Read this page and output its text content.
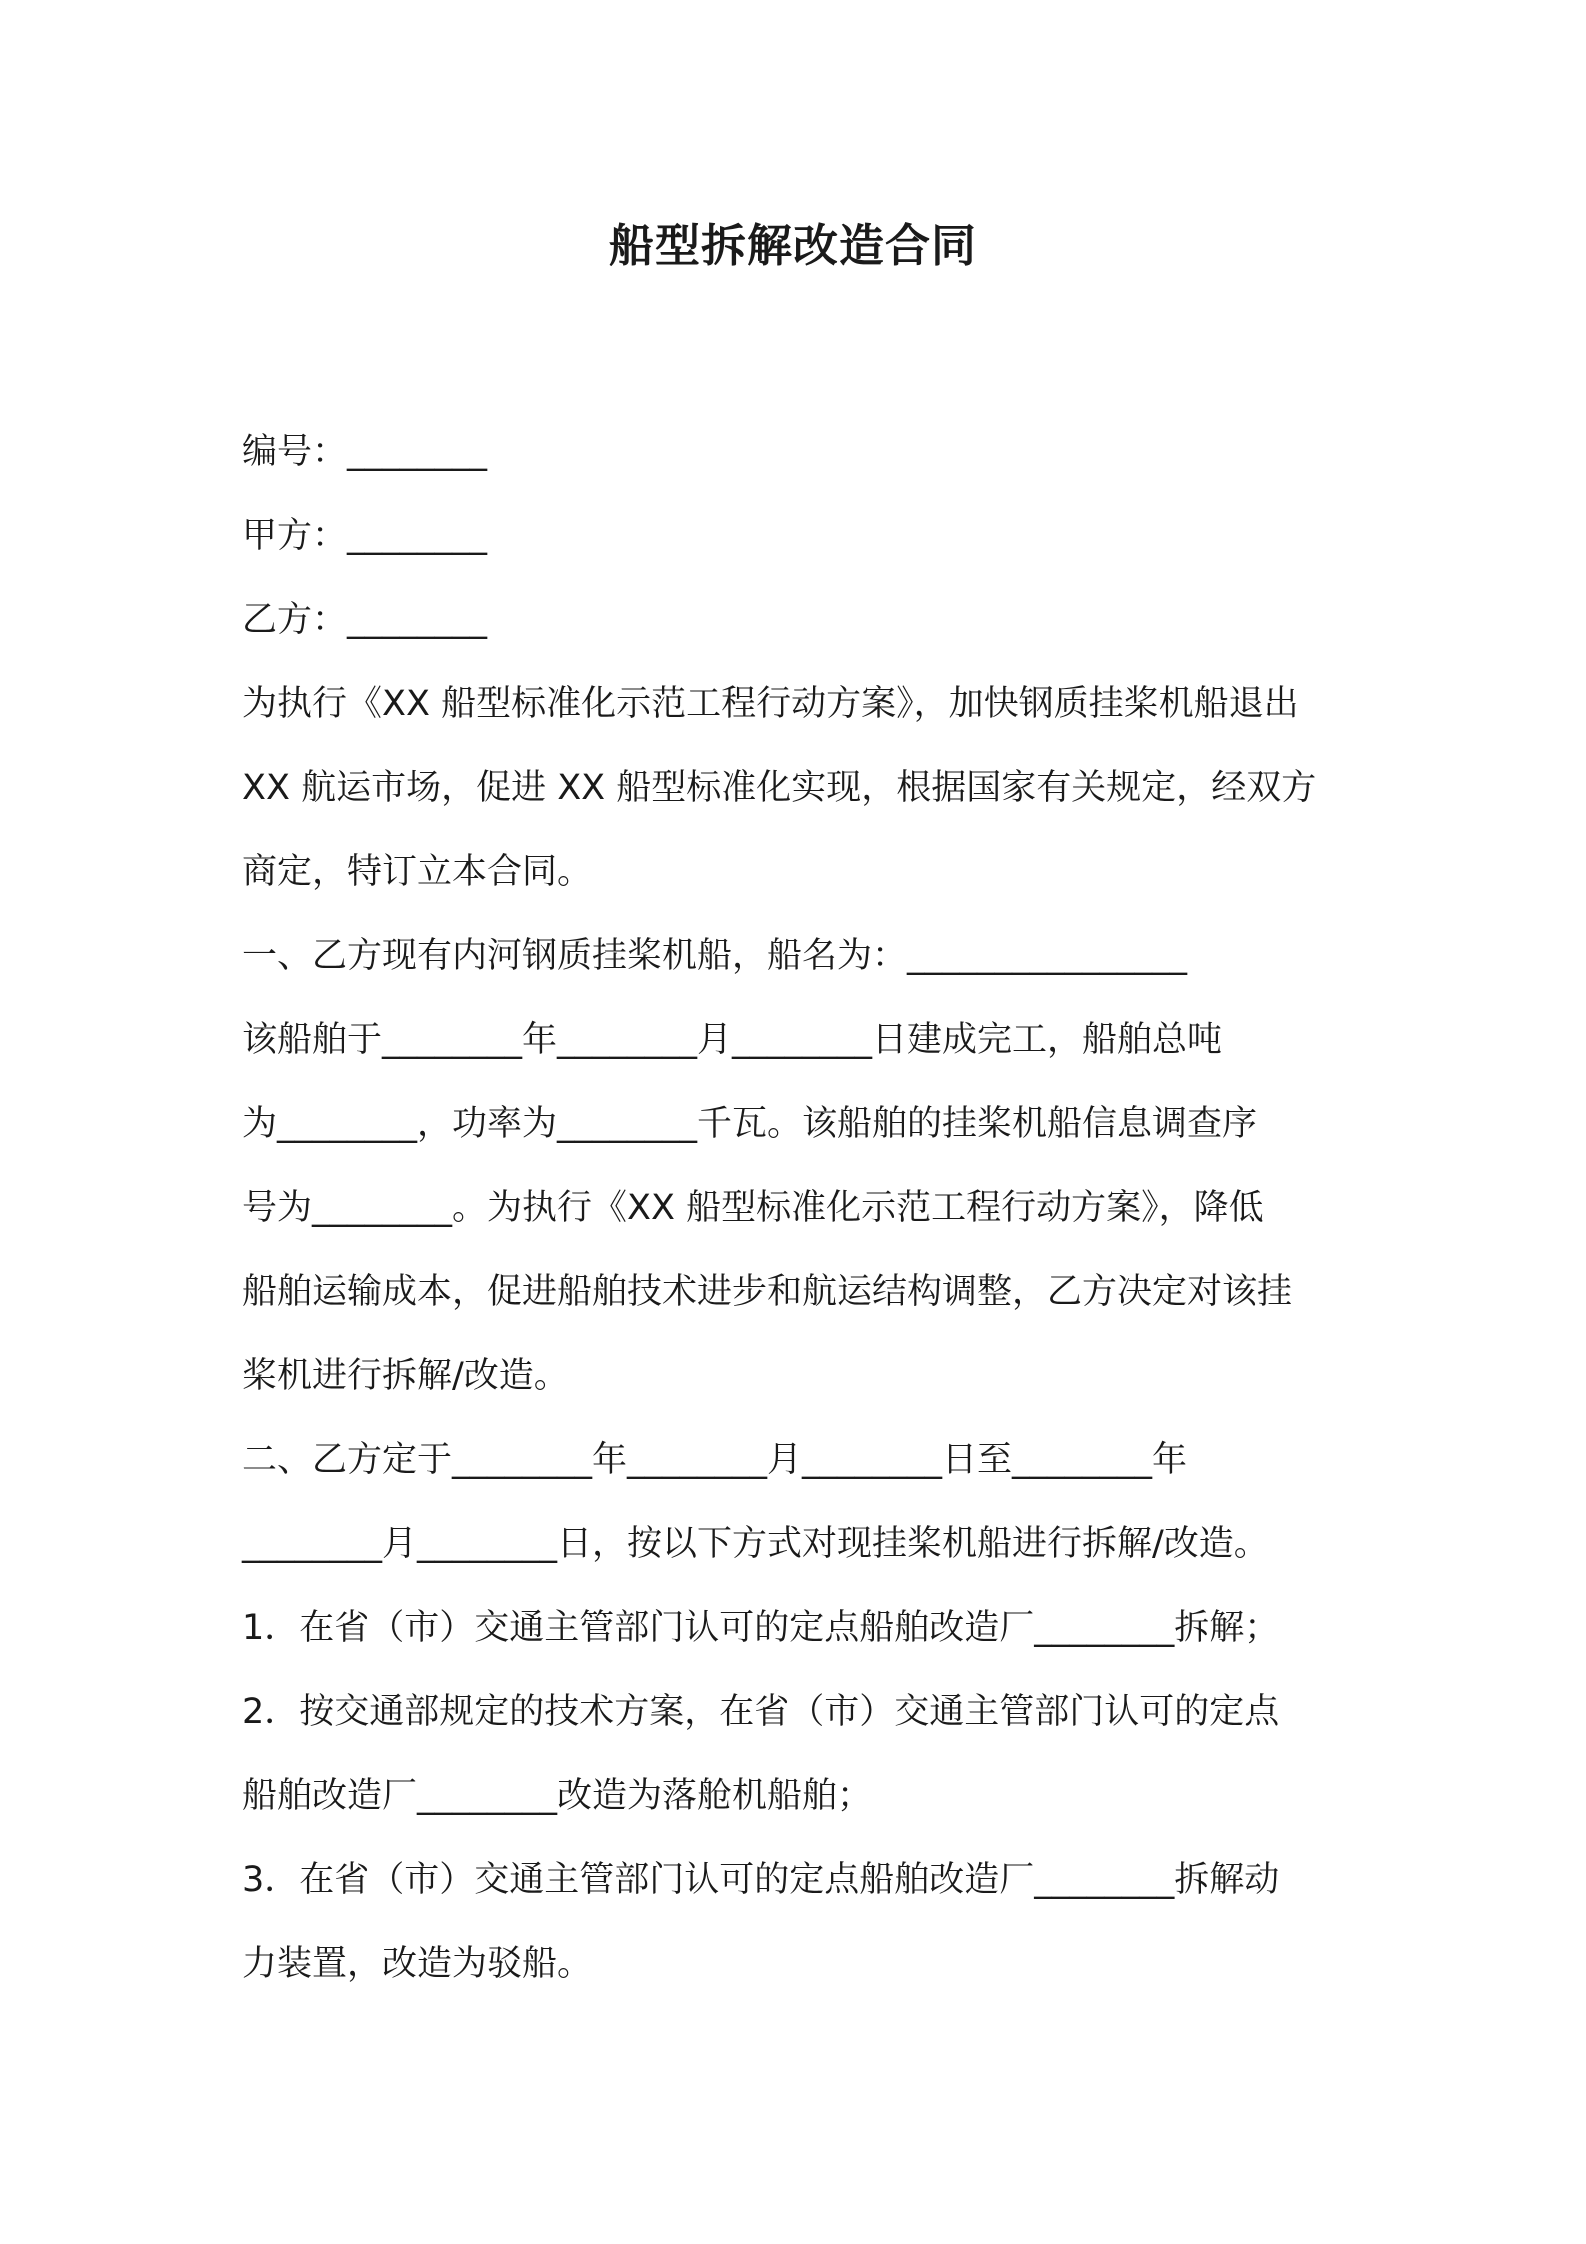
船型拆解改造合同
编号：________
甲方：________
乙方：________
为执行《XX 船型标准化示范工程行动方案》，加快钢质挂桨机船退出
XX 航运市场，促进 XX 船型标准化实现，根据国家有关规定，经双方
商定，特订立本合同。
一、乙方现有内河钢质挂桨机船，船名为：________________
该船舶于________年________月________日建成完工，船舶总吨
为________，功率为________千瓦。该船舶的挂桨机船信息调查序
号为________。为执行《XX 船型标准化示范工程行动方案》，降低
船舶运输成本，促进船舶技术进步和航运结构调整，乙方决定对该挂
桨机进行拆解/改造。
二、乙方定于________年________月________日至________年
________月________日，按以下方式对现挂桨机船进行拆解/改造。
1．在省（市）交通主管部门认可的定点船舶改造厂________拆解；
2．按交通部规定的技术方案，在省（市）交通主管部门认可的定点
船舶改造厂________改造为落舱机船舶；
3．在省（市）交通主管部门认可的定点船舶改造厂________拆解动
力装置，改造为驳船。
